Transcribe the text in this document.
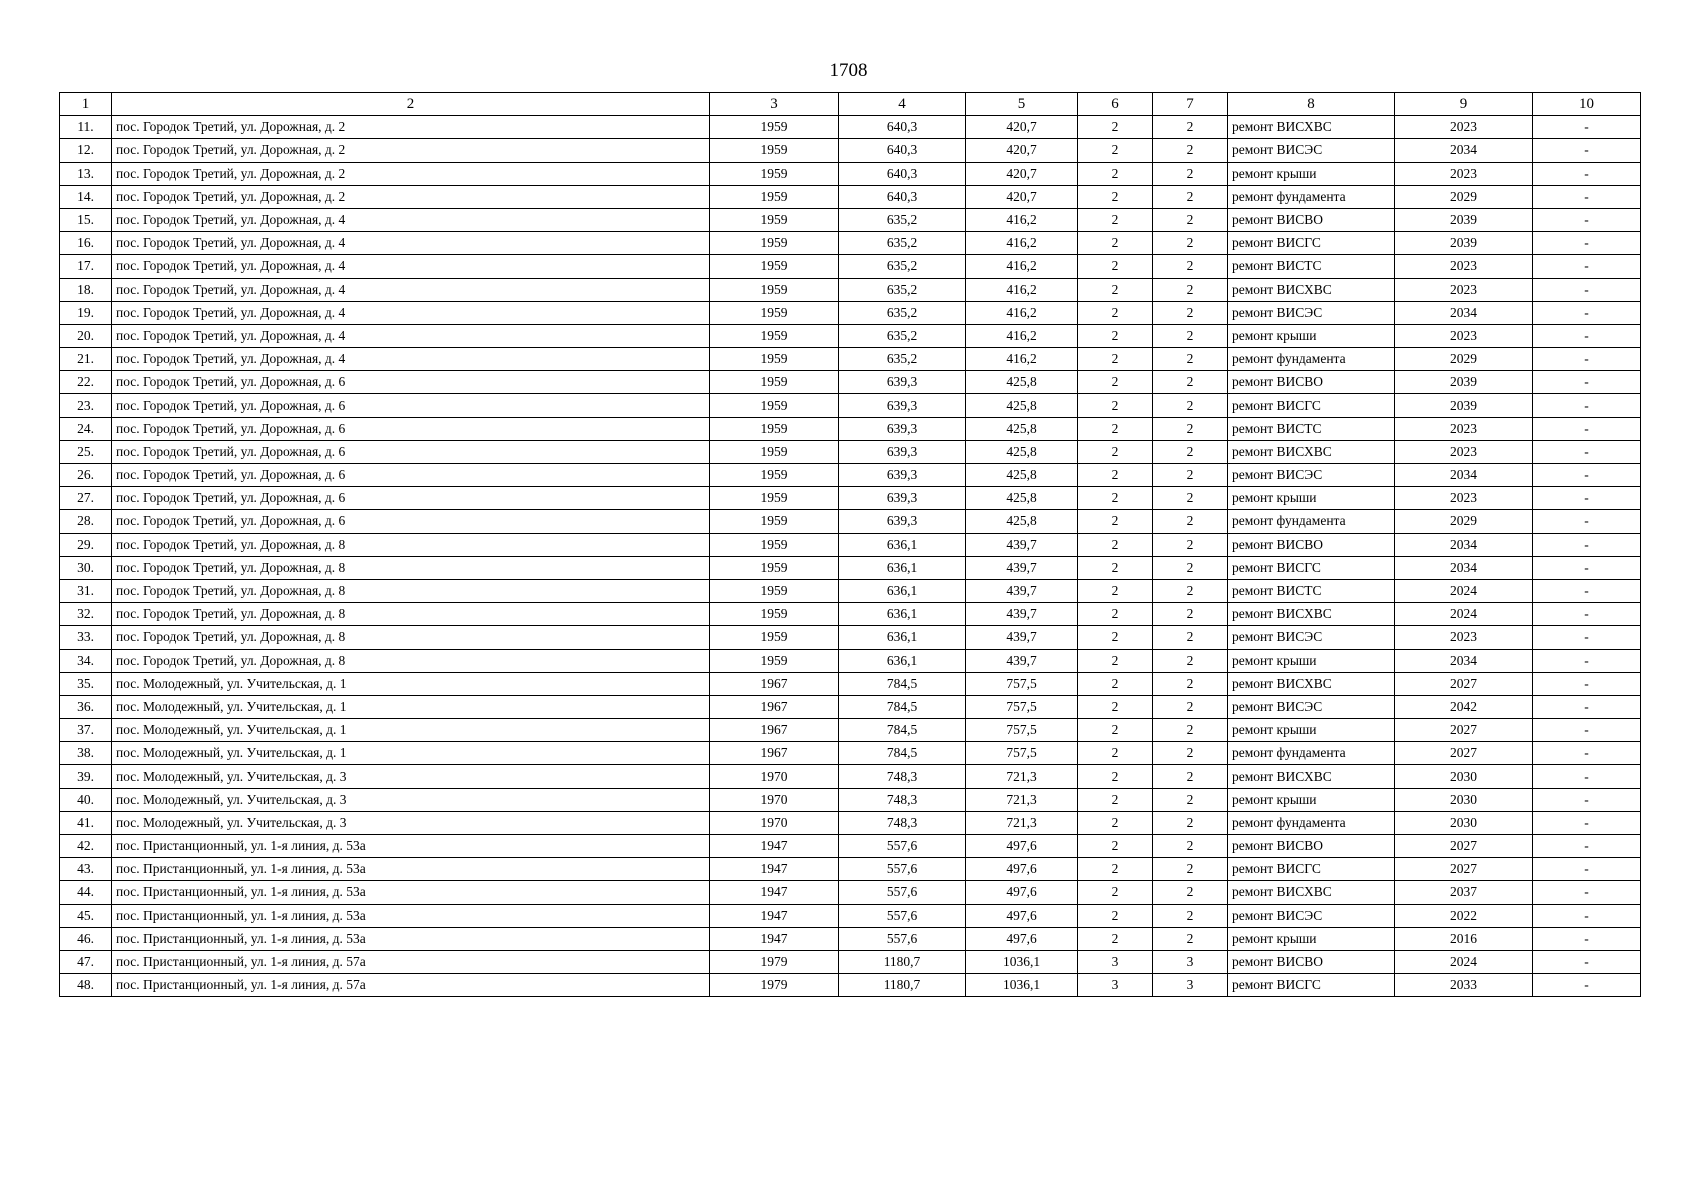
1708
1	2	3	4	5	6	7	8	9	10
11.	пос. Городок Третий, ул. Дорожная, д. 2	1959	640,3	420,7	2	2	ремонт ВИСХВС	2023	-
12.	пос. Городок Третий, ул. Дорожная, д. 2	1959	640,3	420,7	2	2	ремонт ВИСЭС	2034	-
13.	пос. Городок Третий, ул. Дорожная, д. 2	1959	640,3	420,7	2	2	ремонт крыши	2023	-
14.	пос. Городок Третий, ул. Дорожная, д. 2	1959	640,3	420,7	2	2	ремонт фундамента	2029	-
15.	пос. Городок Третий, ул. Дорожная, д. 4	1959	635,2	416,2	2	2	ремонт ВИСВО	2039	-
16.	пос. Городок Третий, ул. Дорожная, д. 4	1959	635,2	416,2	2	2	ремонт ВИСГС	2039	-
17.	пос. Городок Третий, ул. Дорожная, д. 4	1959	635,2	416,2	2	2	ремонт ВИСТС	2023	-
18.	пос. Городок Третий, ул. Дорожная, д. 4	1959	635,2	416,2	2	2	ремонт ВИСХВС	2023	-
19.	пос. Городок Третий, ул. Дорожная, д. 4	1959	635,2	416,2	2	2	ремонт ВИСЭС	2034	-
20.	пос. Городок Третий, ул. Дорожная, д. 4	1959	635,2	416,2	2	2	ремонт крыши	2023	-
21.	пос. Городок Третий, ул. Дорожная, д. 4	1959	635,2	416,2	2	2	ремонт фундамента	2029	-
22.	пос. Городок Третий, ул. Дорожная, д. 6	1959	639,3	425,8	2	2	ремонт ВИСВО	2039	-
23.	пос. Городок Третий, ул. Дорожная, д. 6	1959	639,3	425,8	2	2	ремонт ВИСГС	2039	-
24.	пос. Городок Третий, ул. Дорожная, д. 6	1959	639,3	425,8	2	2	ремонт ВИСТС	2023	-
25.	пос. Городок Третий, ул. Дорожная, д. 6	1959	639,3	425,8	2	2	ремонт ВИСХВС	2023	-
26.	пос. Городок Третий, ул. Дорожная, д. 6	1959	639,3	425,8	2	2	ремонт ВИСЭС	2034	-
27.	пос. Городок Третий, ул. Дорожная, д. 6	1959	639,3	425,8	2	2	ремонт крыши	2023	-
28.	пос. Городок Третий, ул. Дорожная, д. 6	1959	639,3	425,8	2	2	ремонт фундамента	2029	-
29.	пос. Городок Третий, ул. Дорожная, д. 8	1959	636,1	439,7	2	2	ремонт ВИСВО	2034	-
30.	пос. Городок Третий, ул. Дорожная, д. 8	1959	636,1	439,7	2	2	ремонт ВИСГС	2034	-
31.	пос. Городок Третий, ул. Дорожная, д. 8	1959	636,1	439,7	2	2	ремонт ВИСТС	2024	-
32.	пос. Городок Третий, ул. Дорожная, д. 8	1959	636,1	439,7	2	2	ремонт ВИСХВС	2024	-
33.	пос. Городок Третий, ул. Дорожная, д. 8	1959	636,1	439,7	2	2	ремонт ВИСЭС	2023	-
34.	пос. Городок Третий, ул. Дорожная, д. 8	1959	636,1	439,7	2	2	ремонт крыши	2034	-
35.	пос. Молодежный, ул. Учительская, д. 1	1967	784,5	757,5	2	2	ремонт ВИСХВС	2027	-
36.	пос. Молодежный, ул. Учительская, д. 1	1967	784,5	757,5	2	2	ремонт ВИСЭС	2042	-
37.	пос. Молодежный, ул. Учительская, д. 1	1967	784,5	757,5	2	2	ремонт крыши	2027	-
38.	пос. Молодежный, ул. Учительская, д. 1	1967	784,5	757,5	2	2	ремонт фундамента	2027	-
39.	пос. Молодежный, ул. Учительская, д. 3	1970	748,3	721,3	2	2	ремонт ВИСХВС	2030	-
40.	пос. Молодежный, ул. Учительская, д. 3	1970	748,3	721,3	2	2	ремонт крыши	2030	-
41.	пос. Молодежный, ул. Учительская, д. 3	1970	748,3	721,3	2	2	ремонт фундамента	2030	-
42.	пос. Пристанционный, ул. 1-я линия, д. 53а	1947	557,6	497,6	2	2	ремонт ВИСВО	2027	-
43.	пос. Пристанционный, ул. 1-я линия, д. 53а	1947	557,6	497,6	2	2	ремонт ВИСГС	2027	-
44.	пос. Пристанционный, ул. 1-я линия, д. 53а	1947	557,6	497,6	2	2	ремонт ВИСХВС	2037	-
45.	пос. Пристанционный, ул. 1-я линия, д. 53а	1947	557,6	497,6	2	2	ремонт ВИСЭС	2022	-
46.	пос. Пристанционный, ул. 1-я линия, д. 53а	1947	557,6	497,6	2	2	ремонт крыши	2016	-
47.	пос. Пристанционный, ул. 1-я линия, д. 57а	1979	1180,7	1036,1	3	3	ремонт ВИСВО	2024	-
48.	пос. Пристанционный, ул. 1-я линия, д. 57а	1979	1180,7	1036,1	3	3	ремонт ВИСГС	2033	-
